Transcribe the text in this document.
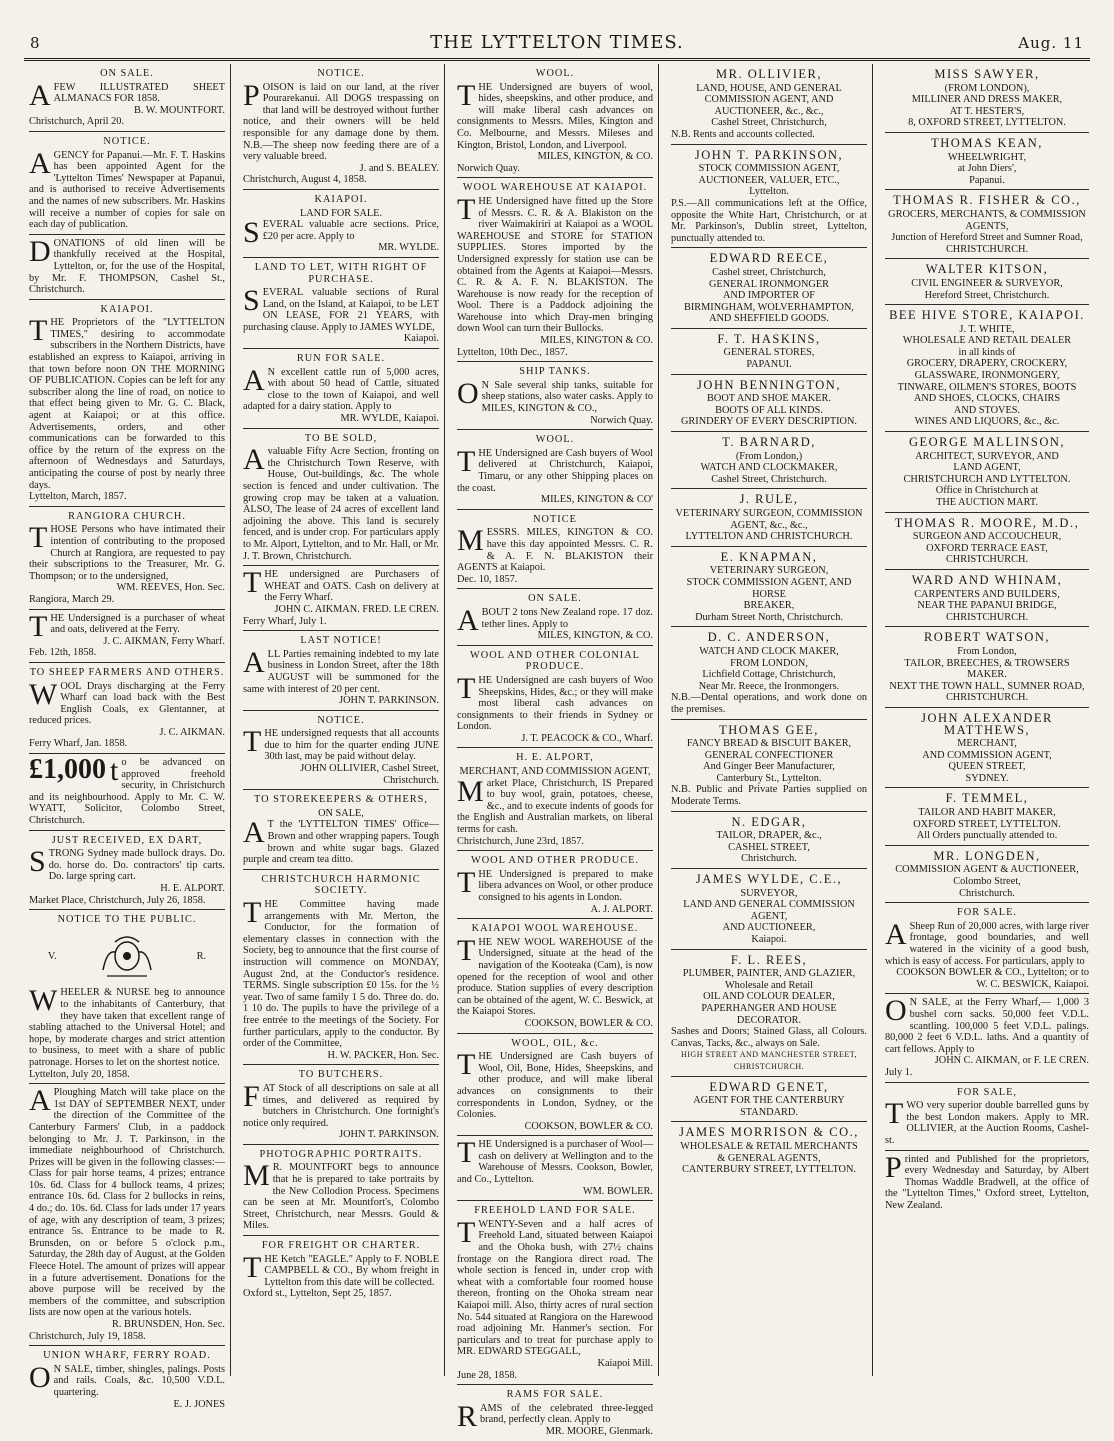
8	THE LYTTELTON TIMES.	Aug. 11
ON SALE.
AFEW ILLUSTRATED SHEET ALMANACS FOR 1858.
B. W. MOUNTFORT.
Christchurch, April 20.
NOTICE.
AGENCY for Papanui.—Mr. F. T. Haskins has been appointed Agent for the 'Lyttelton Times' Newspaper at Papanui, and is authorised to receive Advertisements and the names of new subscribers. Mr. Haskins will receive a number of copies for sale on each day of publication.
DONATIONS of old linen will be thankfully received at the Hospital, Lyttelton, or, for the use of the Hospital, by Mr. F. THOMPSON, Cashel St., Christchurch.
KAIAPOI.
THE Proprietors of the "LYTTELTON TIMES," desiring to accommodate subscribers in the Northern Districts, have established an express to Kaiapoi, arriving in that town before noon ON THE MORNING OF PUBLICATION. Copies can be left for any subscriber along the line of road, on notice to that effect being given to Mr. G. C. Black, agent at Kaiapoi; or at this office. Advertisements, orders, and other communications can be forwarded to this office by the return of the express on the afternoon of Wednesdays and Saturdays, anticipating the course of post by nearly three days.
Lyttelton, March, 1857.
RANGIORA CHURCH.
THOSE Persons who have intimated their intention of contributing to the proposed Church at Rangiora, are requested to pay their subscriptions to the Treasurer, Mr. G. Thompson; or to the undersigned,
WM. REEVES, Hon. Sec.
Rangiora, March 29.
THE Undersigned is a purchaser of wheat and oats, delivered at the Ferry.
J. C. AIKMAN, Ferry Wharf.
Feb. 12th, 1858.
TO SHEEP FARMERS AND OTHERS.
WOOL Drays discharging at the Ferry Wharf can load back with the Best English Coals, ex Glentanner, at reduced prices.
J. C. AIKMAN.
Ferry Wharf, Jan. 1858.
£1,000 to be advanced on approved freehold security, in Christchurch and its neighbourhood. Apply to Mr. C. W. WYATT, Solicitor, Colombo Street, Christchurch.
JUST RECEIVED, EX DART,
STRONG Sydney made bullock drays. Do. do. horse do. Do. contractors' tip carts. Do. large spring cart.
H. E. ALPORT.
Market Place, Christchurch, July 26, 1858.
NOTICE TO THE PUBLIC.
V.	R.
WHEELER & NURSE beg to announce to the inhabitants of Canterbury, that they have taken that excellent range of stabling attached to the Universal Hotel; and hope, by moderate charges and strict attention to business, to meet with a share of public patronage. Horses to let on the shortest notice.
Lyttelton, July 20, 1858.
APloughing Match will take place on the 1st DAY of SEPTEMBER NEXT, under the direction of the Committee of the Canterbury Farmers' Club, in a paddock belonging to Mr. J. T. Parkinson, in the immediate neighbourhood of Christchurch. Prizes will be given in the following classes:— Class for pair horse teams, 4 prizes; entrance 10s. 6d. Class for 4 bullock teams, 4 prizes; entrance 10s. 6d. Class for 2 bullocks in reins, 4 do.; do. 10s. 6d. Class for lads under 17 years of age, with any description of team, 3 prizes; entrance 5s. Entrance to be made to R. Brunsden, on or before 5 o'clock p.m., Saturday, the 28th day of August, at the Golden Fleece Hotel. The amount of prizes will appear in a future advertisement. Donations for the above purpose will be received by the members of the committee, and subscription lists are now open at the various hotels.
R. BRUNSDEN, Hon. Sec.
Christchurch, July 19, 1858.
UNION WHARF, FERRY ROAD.
ON SALE, timber, shingles, palings. Posts and rails. Coals, &c. 10,500 V.D.L. quartering.
E. J. JONES
NOTICE.
POISON is laid on our land, at the river Pourarekanui. All DOGS trespassing on that land will be destroyed without further notice, and their owners will be held responsible for any damage done by them. N.B.—The sheep now feeding there are of a very valuable breed.
J. and S. BEALEY.
Christchurch, August 4, 1858.
KAIAPOI.
LAND FOR SALE.
SEVERAL valuable acre sections. Price, £20 per acre. Apply to
MR. WYLDE.
LAND TO LET, WITH RIGHT OF PURCHASE.
SEVERAL valuable sections of Rural Land, on the Island, at Kaiapoi, to be LET ON LEASE, FOR 21 YEARS, with purchasing clause. Apply to JAMES WYLDE,
Kaiapoi.
RUN FOR SALE.
AN excellent cattle run of 5,000 acres, with about 50 head of Cattle, situated close to the town of Kaiapoi, and well adapted for a dairy station. Apply to
MR. WYLDE, Kaiapoi.
TO BE SOLD,
Avaluable Fifty Acre Section, fronting on the Christchurch Town Reserve, with House, Out-buildings, &c. The whole section is fenced and under cultivation. The growing crop may be taken at a valuation. ALSO, The lease of 24 acres of excellent land adjoining the above. This land is securely fenced, and is under crop. For particulars apply to Mr. Alport, Lyttelton, and to Mr. Hall, or Mr. J. T. Brown, Christchurch.
THE undersigned are Purchasers of WHEAT and OATS. Cash on delivery at the Ferry Wharf.
JOHN C. AIKMAN. FRED. LE CREN.
Ferry Wharf, July 1.
LAST NOTICE!
ALL Parties remaining indebted to my late business in London Street, after the 18th AUGUST will be summoned for the same with interest of 20 per cent.
JOHN T. PARKINSON.
NOTICE.
THE undersigned requests that all accounts due to him for the quarter ending JUNE 30th last, may be paid without delay.
JOHN OLLIVIER, Cashel Street, Christchurch.
TO STOREKEEPERS & OTHERS,
ON SALE,
AT the 'LYTTELTON TIMES' Office— Brown and other wrapping papers. Tough brown and white sugar bags. Glazed purple and cream tea ditto.
CHRISTCHURCH HARMONIC SOCIETY.
THE Committee having made arrangements with Mr. Merton, the Conductor, for the formation of elementary classes in connection with the Society, beg to announce that the first course of instruction will commence on MONDAY, August 2nd, at the Conductor's residence. TERMS. Single subscription £0 15s. for the ½ year. Two of same family 1 5 do. Three do. do. 1 10 do. The pupils to have the privilege of a free entrée to the meetings of the Society. For further particulars, apply to the conductor. By order of the Committee,
H. W. PACKER, Hon. Sec.
TO BUTCHERS.
FAT Stock of all descriptions on sale at all times, and delivered as required by butchers in Christchurch. One fortnight's notice only required.
JOHN T. PARKINSON.
PHOTOGRAPHIC PORTRAITS.
MR. MOUNTFORT begs to announce that he is prepared to take portraits by the New Collodion Process. Specimens can be seen at Mr. Mountfort's, Colombo Street, Christchurch, near Messrs. Gould & Miles.
FOR FREIGHT OR CHARTER.
THE Ketch "EAGLE." Apply to F. NOBLE CAMPBELL & CO., By whom freight in Lyttelton from this date will be collected.
Oxford st., Lyttelton, Sept 25, 1857.
WOOL.
THE Undersigned are buyers of wool, hides, sheepskins, and other produce, and will make liberal cash advances on consignments to Messrs. Miles, Kington and Co. Melbourne, and Messrs. Mileses and Kington, Bristol, London, and Liverpool.
MILES, KINGTON, & CO.
Norwich Quay.
WOOL WAREHOUSE AT KAIAPOI.
THE Undersigned have fitted up the Store of Messrs. C. R. & A. Blakiston on the river Waimakiriri at Kaiapoi as a WOOL WAREHOUSE and STORE for STATION SUPPLIES. Stores imported by the Undersigned expressly for station use can be obtained from the Agents at Kaiapoi—Messrs. C. R. & A. F. N. BLAKISTON. The Warehouse is now ready for the reception of Wool. There is a Paddock adjoining the Warehouse into which Dray-men bringing down Wool can turn their Bullocks.
MILES, KINGTON & CO.
Lyttelton, 10th Dec., 1857.
SHIP TANKS.
ON Sale several ship tanks, suitable for sheep stations, also water casks. Apply to MILES, KINGTON & CO.,
Norwich Quay.
WOOL.
THE Undersigned are Cash buyers of Wool delivered at Christchurch, Kaiapoi, Timaru, or any other Shipping places on the coast.
MILES, KINGTON & CO'
NOTICE
MESSRS. MILES, KINGTON & CO. have this day appointed Messrs. C. R. & A. F. N. BLAKISTON their AGENTS at Kaiapoi.
Dec. 10, 1857.
ON SALE.
ABOUT 2 tons New Zealand rope. 17 doz. tether lines. Apply to
MILES, KINGTON, & CO.
WOOL AND OTHER COLONIAL PRODUCE.
THE Undersigned are cash buyers of Woo Sheepskins, Hides, &c.; or they will make most liberal cash advances on consignments to their friends in Sydney or London.
J. T. PEACOCK & CO., Wharf.
H. E. ALPORT,
MERCHANT, AND COMMISSION AGENT,
Market Place, Christchurch, IS Prepared to buy wool, grain, potatoes, cheese, &c., and to execute indents of goods for the English and Australian markets, on liberal terms for cash.
Christchurch, June 23rd, 1857.
WOOL AND OTHER PRODUCE.
THE Undersigned is prepared to make libera advances on Wool, or other produce consigned to his agents in London.
A. J. ALPORT.
KAIAPOI WOOL WAREHOUSE.
THE NEW WOOL WAREHOUSE of the Undersigned, situate at the head of the navigation of the Kooteaka (Cam), is now opened for the reception of wool and other produce. Station supplies of every description can be obtained of the agent, W. C. Beswick, at the Kaiapoi Stores.
COOKSON, BOWLER & CO.
WOOL, OIL, &c.
THE Undersigned are Cash buyers of Wool, Oil, Bone, Hides, Sheepskins, and other produce, and will make liberal advances on consignments to their correspondents in London, Sydney, or the Colonies.
COOKSON, BOWLER & CO.
THE Undersigned is a purchaser of Wool—cash on delivery at Wellington and to the Warehouse of Messrs. Cookson, Bowler, and Co., Lyttelton.
WM. BOWLER.
FREEHOLD LAND FOR SALE.
TWENTY-Seven and a half acres of Freehold Land, situated between Kaiapoi and the Ohoka bush, with 27½ chains frontage on the Rangiora direct road. The whole section is fenced in, under crop with wheat with a comfortable four roomed house thereon, fronting on the Ohoka stream near Kaiapoi mill. Also, thirty acres of rural section No. 544 situated at Rangiora on the Harewood road adjoining Mr. Hanmer's section. For particulars and to treat for purchase apply to MR. EDWARD STEGGALL,
Kaiapoi Mill.
June 28, 1858.
RAMS FOR SALE.
RAMS of the celebrated three-legged brand, perfectly clean. Apply to
MR. MOORE, Glenmark.
MR. OLLIVIER,
LAND, HOUSE, AND GENERAL
COMMISSION AGENT, AND AUCTIONEER, &c., &c.,
Cashel Street, Christchurch,
N.B. Rents and accounts collected.
JOHN T. PARKINSON,
STOCK COMMISSION AGENT,
AUCTIONEER, VALUER, ETC.,
Lyttelton.
P.S.—All communications left at the Office, opposite the White Hart, Christchurch, or at Mr. Parkinson's, Dublin street, Lyttelton, punctually attended to.
EDWARD REECE,
Cashel street, Christchurch,
GENERAL IRONMONGER
AND IMPORTER OF
BIRMINGHAM, WOLVERHAMPTON,
AND SHEFFIELD GOODS.
F. T. HASKINS,
GENERAL STORES,
PAPANUI.
JOHN BENNINGTON,
BOOT AND SHOE MAKER.
BOOTS OF ALL KINDS.
GRINDERY OF EVERY DESCRIPTION.
T. BARNARD,
(From London,)
WATCH AND CLOCKMAKER,
Cashel Street, Christchurch.
J. RULE,
VETERINARY SURGEON, COMMISSION
AGENT, &c., &c.,
LYTTELTON AND CHRISTCHURCH.
E. KNAPMAN,
VETERINARY SURGEON,
STOCK COMMISSION AGENT, AND HORSE
BREAKER,
Durham Street North, Christchurch.
D. C. ANDERSON,
WATCH AND CLOCK MAKER,
FROM LONDON,
Lichfield Cottage, Christchurch,
Near Mr. Reece, the Ironmongers.
N.B.—Dental operations, and work done on the premises.
THOMAS GEE,
FANCY BREAD & BISCUIT BAKER,
GENERAL CONFECTIONER
And Ginger Beer Manufacturer,
Canterbury St., Lyttelton.
N.B. Public and Private Parties supplied on Moderate Terms.
N. EDGAR,
TAILOR, DRAPER, &c.,
CASHEL STREET,
Christchurch.
JAMES WYLDE, C.E.,
SURVEYOR,
LAND AND GENERAL COMMISSION AGENT,
AND AUCTIONEER,
Kaiapoi.
F. L. REES,
PLUMBER, PAINTER, AND GLAZIER,
Wholesale and Retail
OIL AND COLOUR DEALER,
PAPERHANGER AND HOUSE DECORATOR.
Sashes and Doors; Stained Glass, all Colours. Canvas, Tacks, &c., always on Sale.
HIGH STREET AND MANCHESTER STREET, CHRISTCHURCH.
EDWARD GENET,
AGENT FOR THE CANTERBURY
STANDARD.
JAMES MORRISON & CO.,
WHOLESALE & RETAIL MERCHANTS
& GENERAL AGENTS,
CANTERBURY STREET, LYTTELTON.
MISS SAWYER,
(FROM LONDON),
MILLINER AND DRESS MAKER,
AT T. HESTER'S,
8, OXFORD STREET, LYTTELTON.
THOMAS KEAN,
WHEELWRIGHT,
at John Diers',
Papanui.
THOMAS R. FISHER & CO.,
GROCERS, MERCHANTS, & COMMISSION AGENTS,
Junction of Hereford Street and Sumner Road,
CHRISTCHURCH.
WALTER KITSON,
CIVIL ENGINEER & SURVEYOR,
Hereford Street, Christchurch.
BEE HIVE STORE, KAIAPOI.
J. T. WHITE,
WHOLESALE AND RETAIL DEALER
in all kinds of
GROCERY, DRAPERY, CROCKERY,
GLASSWARE, IRONMONGERY,
TINWARE, OILMEN'S STORES, BOOTS
AND SHOES, CLOCKS, CHAIRS
AND STOVES.
WINES AND LIQUORS, &c., &c.
GEORGE MALLINSON,
ARCHITECT, SURVEYOR, AND
LAND AGENT,
CHRISTCHURCH AND LYTTELTON.
Office in Christchurch at
THE AUCTION MART.
THOMAS R. MOORE, M.D.,
SURGEON AND ACCOUCHEUR,
OXFORD TERRACE EAST,
CHRISTCHURCH.
WARD AND WHINAM,
CARPENTERS AND BUILDERS,
NEAR THE PAPANUI BRIDGE,
CHRISTCHURCH.
ROBERT WATSON,
From London,
TAILOR, BREECHES, & TROWSERS
MAKER.
NEXT THE TOWN HALL, SUMNER ROAD,
CHRISTCHURCH.
JOHN ALEXANDER MATTHEWS,
MERCHANT,
AND COMMISSION AGENT,
QUEEN STREET,
SYDNEY.
F. TEMMEL,
TAILOR AND HABIT MAKER,
OXFORD STREET, LYTTELTON.
All Orders punctually attended to.
MR. LONGDEN,
COMMISSION AGENT & AUCTIONEER,
Colombo Street,
Christchurch.
FOR SALE.
ASheep Run of 20,000 acres, with large river frontage, good boundaries, and well watered in the vicinity of a good bush, which is easy of access. For particulars, apply to
COOKSON BOWLER & CO., Lyttelton; or to W. C. BESWICK, Kaiapoi.
ON SALE, at the Ferry Wharf,— 1,000 3 bushel corn sacks. 50,000 feet V.D.L. scantling. 100,000 5 feet V.D.L. palings. 80,000 2 feet 6 V.D.L. laths. And a quantity of cart fellows. Apply to
JOHN C. AIKMAN, or F. LE CREN.
July 1.
FOR SALE,
TWO very superior double barrelled guns by the best London makers. Apply to MR. OLLIVIER, at the Auction Rooms, Cashel-st.
Printed and Published for the proprietors, every Wednesday and Saturday, by Albert Thomas Waddle Bradwell, at the office of the "Lyttelton Times," Oxford street, Lyttelton, New Zealand.
